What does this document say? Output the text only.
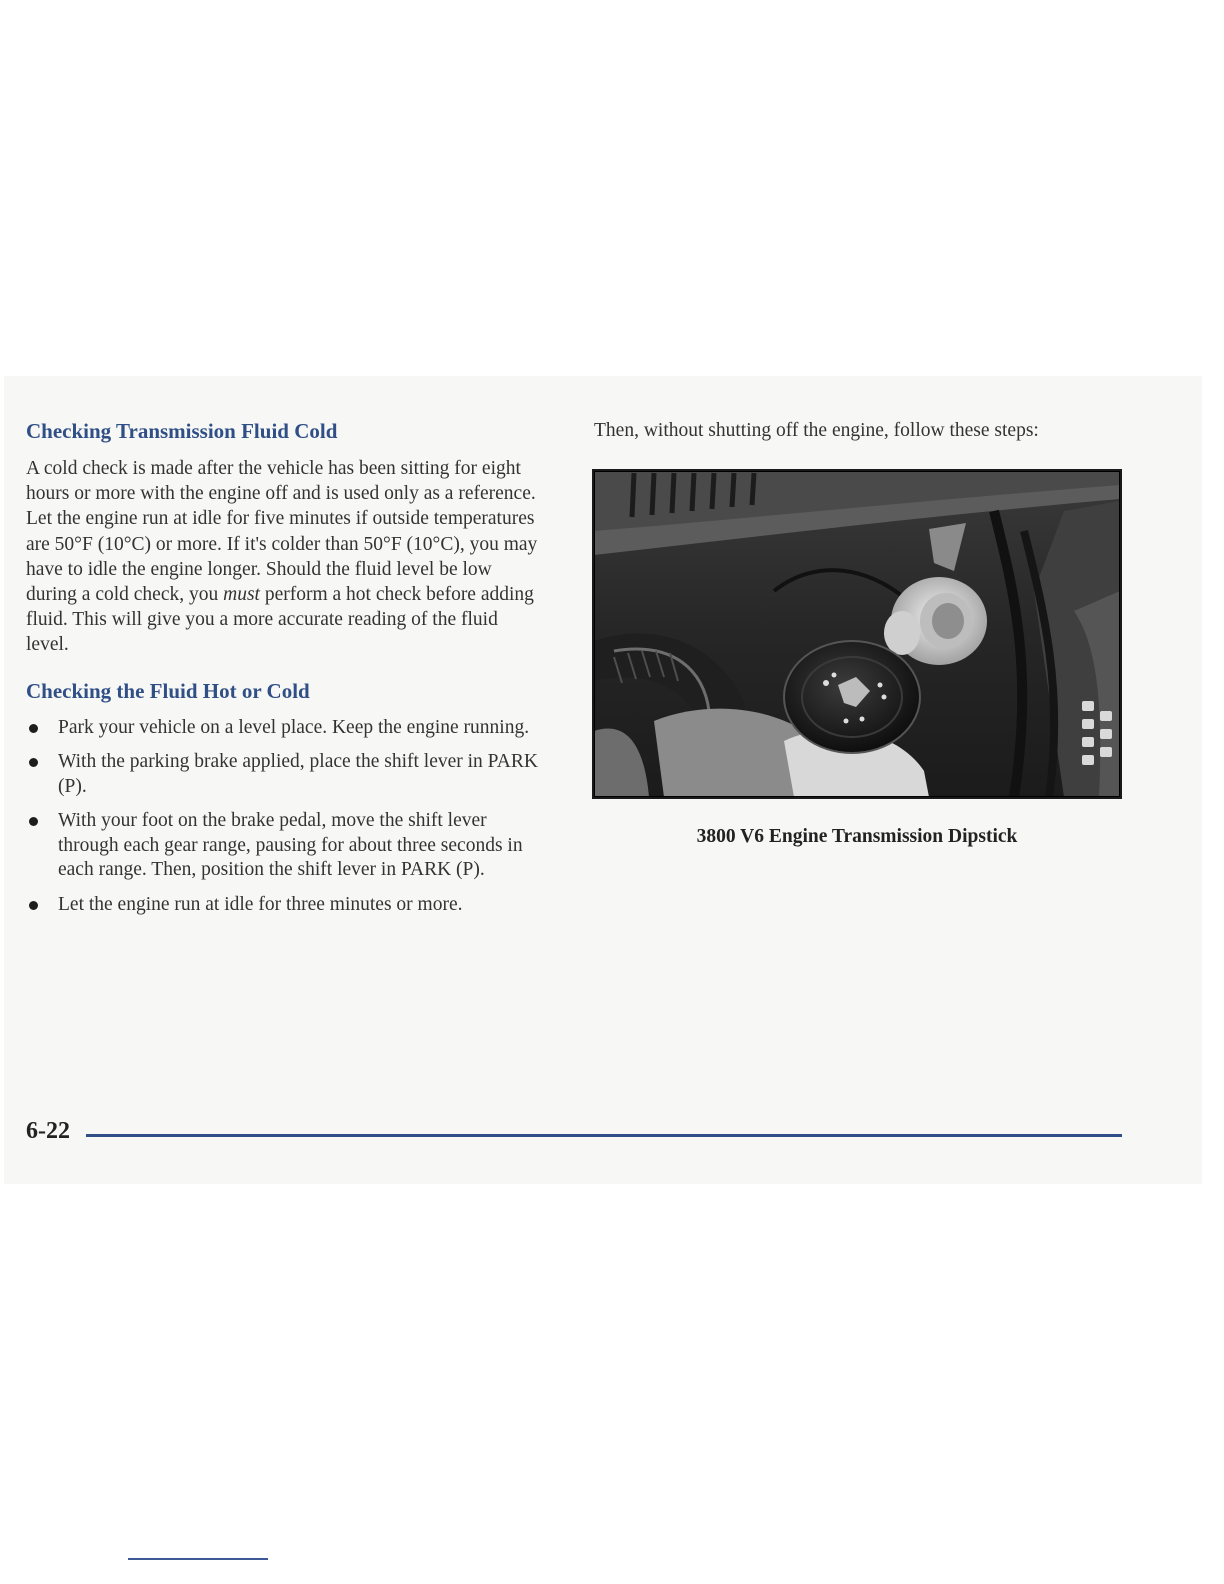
Checking Transmission Fluid Cold

A cold check is made after the vehicle has been sitting for eight hours or more with the engine off and is used only as a reference. Let the engine run at idle for five minutes if outside temperatures are 50°F (10°C) or more. If it's colder than 50°F (10°C), you may have to idle the engine longer. Should the fluid level be low during a cold check, you must perform a hot check before adding fluid. This will give you a more accurate reading of the fluid level.

Checking the Fluid Hot or Cold
Park your vehicle on a level place. Keep the engine running.
With the parking brake applied, place the shift lever in PARK (P).
With your foot on the brake pedal, move the shift lever through each gear range, pausing for about three seconds in each range. Then, position the shift lever in PARK (P).
Let the engine run at idle for three minutes or more.

Then, without shutting off the engine, follow these steps:

3800 V6 Engine Transmission Dipstick

6-22
